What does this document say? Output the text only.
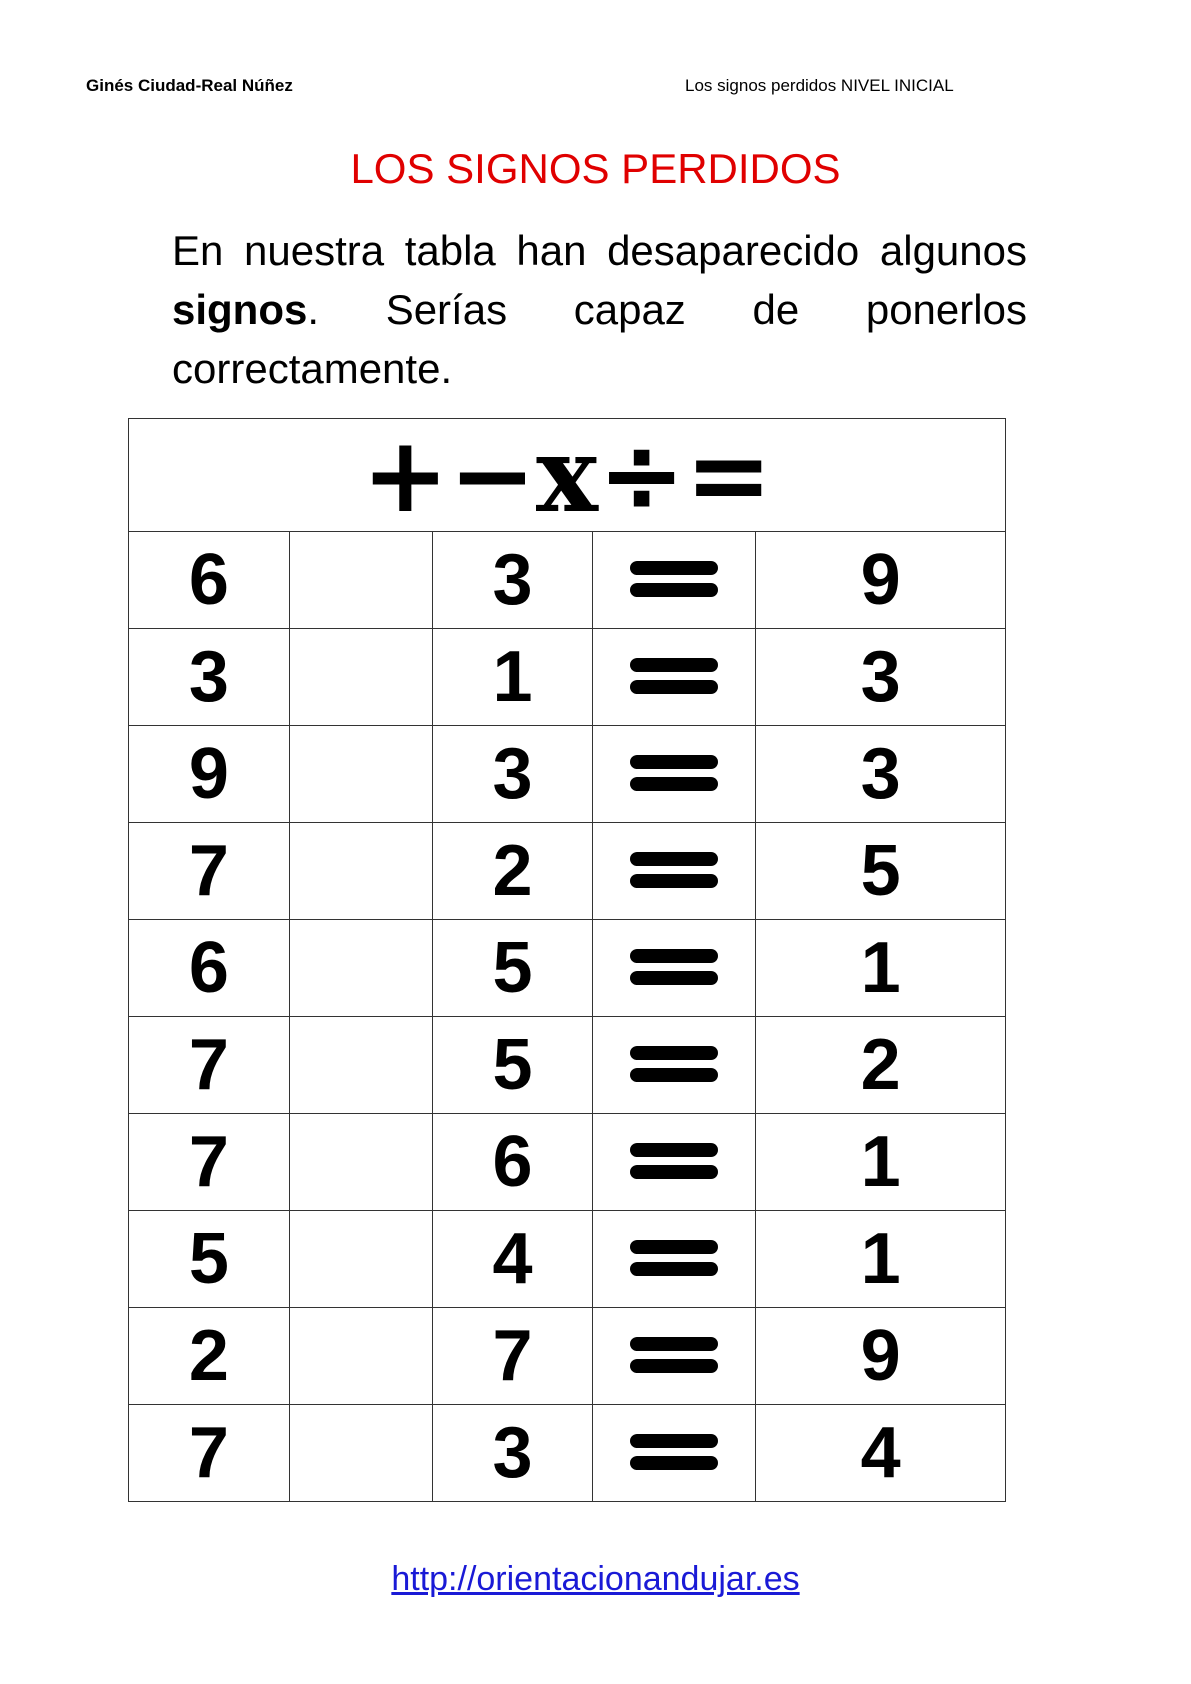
Ginés Ciudad-Real Núñez	Los signos perdidos NIVEL INICIAL
LOS SIGNOS PERDIDOS
En nuestra tabla han desaparecido algunos
signos. Serías capaz de ponerlos
correctamente.
+−x÷=				
6		3		9
3		1		3
9		3		3
7		2		5
6		5		1
7		5		2
7		6		1
5		4		1
2		7		9
7		3		4
http://orientacionandujar.es
